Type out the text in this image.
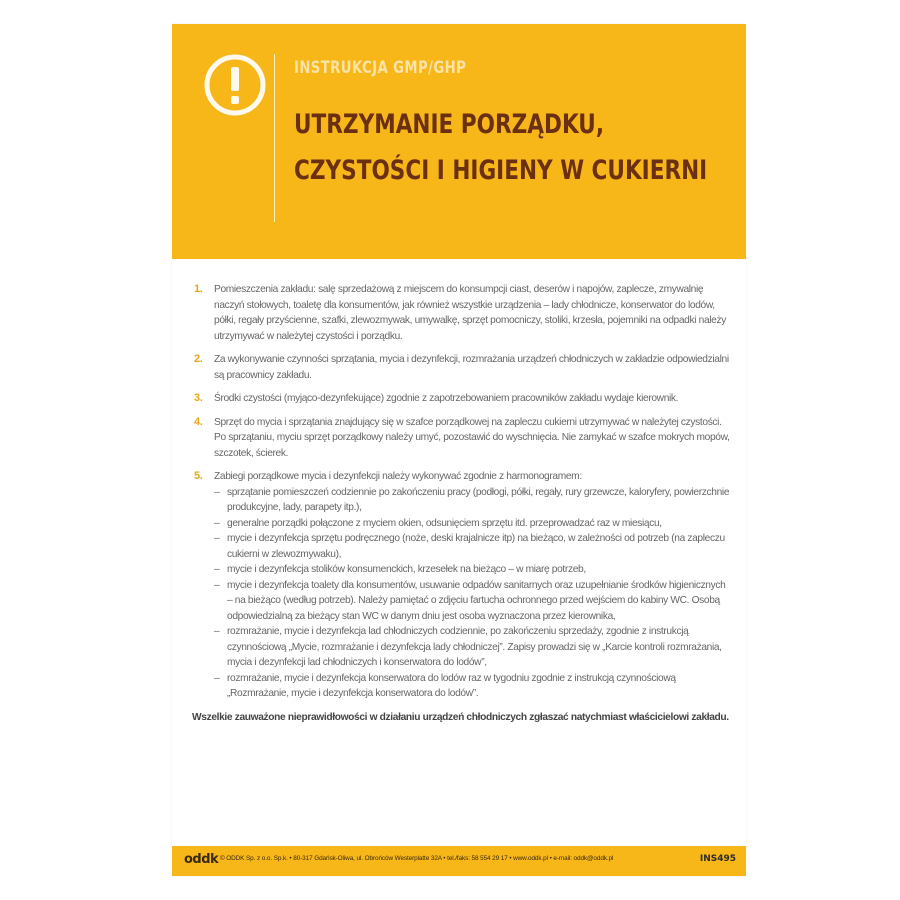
INSTRUKCJA GMP/GHP
UTRZYMANIE PORZĄDKU,
CZYSTOŚCI I HIGIENY W CUKIERNI
1. Pomieszczenia zakładu: salę sprzedażową z miejscem do konsumpcji ciast, deserów i napojów, zaplecze, zmywalnię naczyń stołowych, toaletę dla konsumentów, jak również wszystkie urządzenia – lady chłodnicze, konserwator do lodów, półki, regały przyścienne, szafki, zlewozmywak, umywalkę, sprzęt pomocniczy, stoliki, krzesła, pojemniki na odpadki należy utrzymywać w należytej czystości i porządku.
2. Za wykonywanie czynności sprzątania, mycia i dezynfekcji, rozmrażania urządzeń chłodniczych w zakładzie odpowiedzialni są pracownicy zakładu.
3. Środki czystości (myjąco-dezynfekujące) zgodnie z zapotrzebowaniem pracowników zakładu wydaje kierownik.
4. Sprzęt do mycia i sprzątania znajdujący się w szafce porządkowej na zapleczu cukierni utrzymywać w należytej czystości. Po sprzątaniu, myciu sprzęt porządkowy należy umyć, pozostawić do wyschnięcia. Nie zamykać w szafce mokrych mopów, szczotek, ścierek.
5. Zabiegi porządkowe mycia i dezynfekcji należy wykonywać zgodnie z harmonogramem:
– sprzątanie pomieszczeń codziennie po zakończeniu pracy (podłogi, półki, regały, rury grzewcze, kaloryfery, powierzchnie produkcyjne, lady, parapety itp.),
– generalne porządki połączone z myciem okien, odsunięciem sprzętu itd. przeprowadzać raz w miesiącu,
– mycie i dezynfekcja sprzętu podręcznego (noże, deski krajalnicze itp) na bieżąco, w zależności od potrzeb (na zapleczu cukierni w zlewozmywaku),
– mycie i dezynfekcja stolików konsumenckich, krzesełek na bieżąco – w miarę potrzeb,
– mycie i dezynfekcja toalety dla konsumentów, usuwanie odpadów sanitarnych oraz uzupełnianie środków higienicznych – na bieżąco (według potrzeb). Należy pamiętać o zdjęciu fartucha ochronnego przed wejściem do kabiny WC. Osobą odpowiedzialną za bieżący stan WC w danym dniu jest osoba wyznaczona przez kierownika,
– rozmrażanie, mycie i dezynfekcja lad chłodniczych codziennie, po zakończeniu sprzedaży, zgodnie z instrukcją czynnościową „Mycie, rozmrażanie i dezynfekcja lady chłodniczej”. Zapisy prowadzi się w „Karcie kontroli rozmrażania, mycia i dezynfekcji lad chłodniczych i konserwatora do lodów”,
– rozmrażanie, mycie i dezynfekcja konserwatora do lodów raz w tygodniu zgodnie z instrukcją czynnościową „Rozmrażanie, mycie i dezynfekcja konserwatora do lodów”.
Wszelkie zauważone nieprawidłowości w działaniu urządzeń chłodniczych zgłaszać natychmiast właścicielowi zakładu.
oddk © ODDK Sp. z o.o. Sp.k. • 80-317 Gdańsk-Oliwa, ul. Obrońców Westerplatte 32A • tel./faks: 58 554 29 17 • www.oddk.pl • e-mail: oddk@oddk.pl	INS495
